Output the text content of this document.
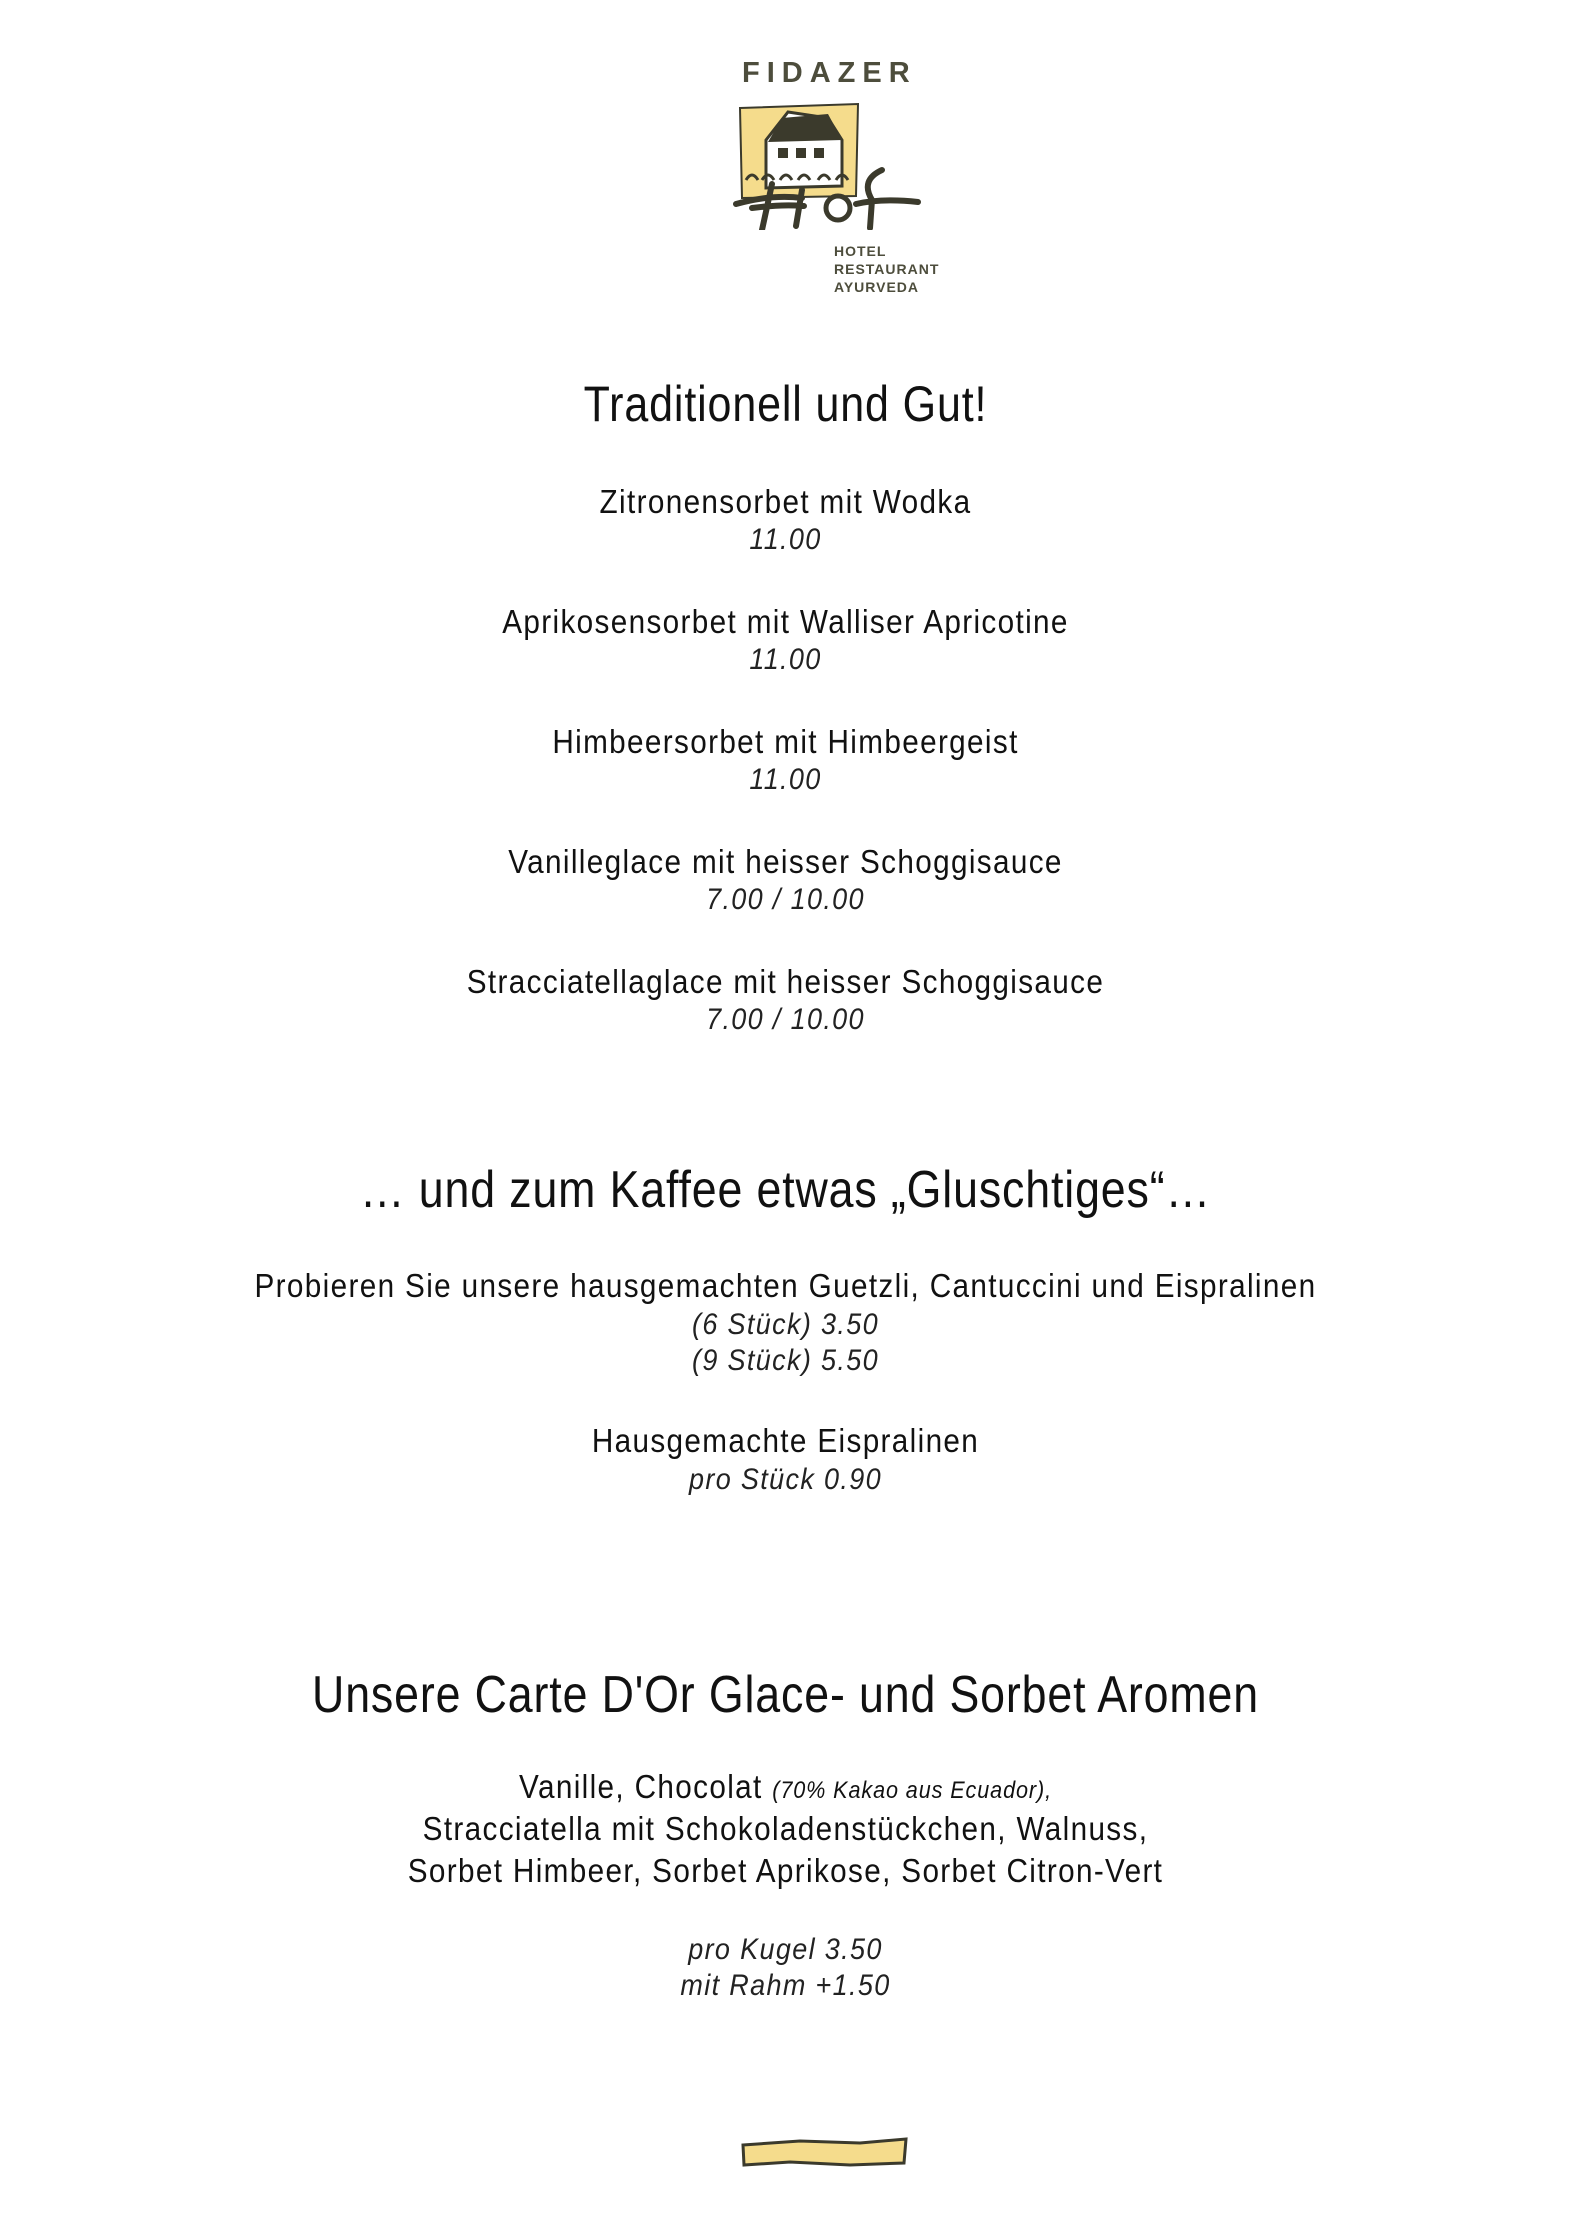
FIDAZER
HOTEL
RESTAURANT
AYURVEDA
Traditionell und Gut!
Zitronensorbet mit Wodka
11.00
Aprikosensorbet mit Walliser Apricotine
11.00
Himbeersorbet mit Himbeergeist
11.00
Vanilleglace mit heisser Schoggisauce
7.00 / 10.00
Stracciatellaglace mit heisser Schoggisauce
7.00 / 10.00
… und zum Kaffee etwas „Gluschtiges“…
Probieren Sie unsere hausgemachten Guetzli, Cantuccini und Eispralinen
(6 Stück) 3.50
(9 Stück) 5.50
Hausgemachte Eispralinen
pro Stück 0.90
Unsere Carte D'Or Glace- und Sorbet Aromen
Vanille, Chocolat (70% Kakao aus Ecuador),
Stracciatella mit Schokoladenstückchen, Walnuss,
Sorbet Himbeer, Sorbet Aprikose, Sorbet Citron-Vert
pro Kugel 3.50
mit Rahm +1.50
